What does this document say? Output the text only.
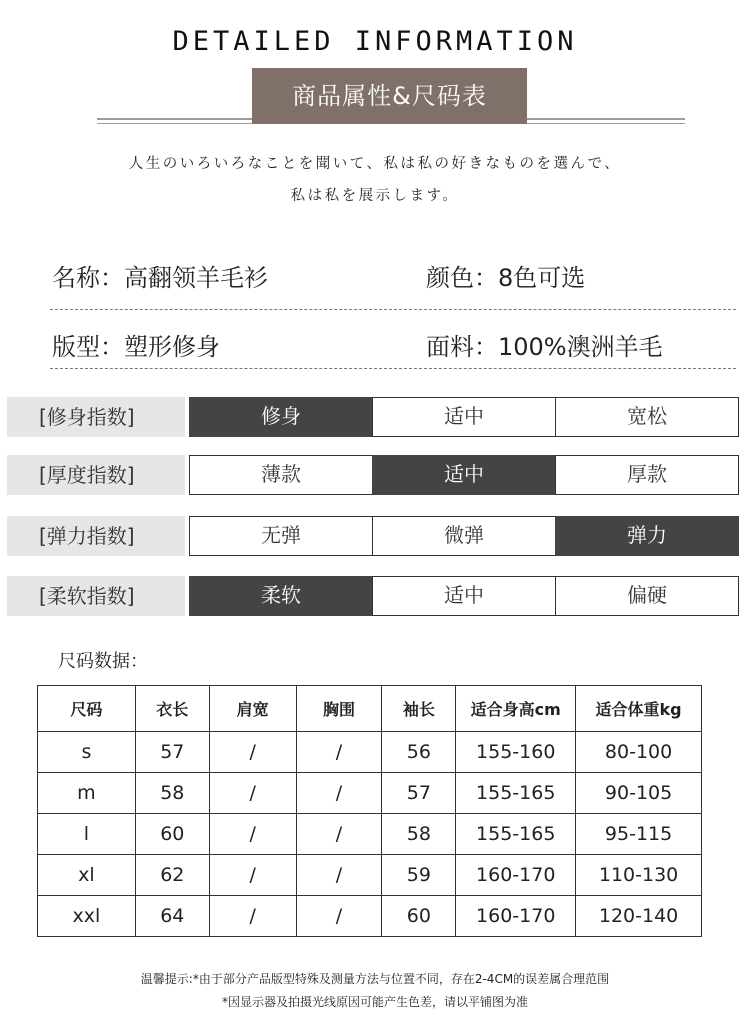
DETAILED INFORMATION
商品属性&尺码表
人生のいろいろなことを聞いて、私は私の好きなものを選んで、
私は私を展示します。
名称：高翻领羊毛衫	颜色：8色可选
版型：塑形修身	面料：100%澳洲羊毛
[修身指数]	修身	适中	宽松
[厚度指数]	薄款	适中	厚款
[弹力指数]	无弹	微弹	弹力
[柔软指数]	柔软	适中	偏硬
尺码数据：
尺码	衣长	肩宽	胸围	袖长	适合身高cm	适合体重kg
s	57	/	/	56	155-160	80-100
m	58	/	/	57	155-165	90-105
l	60	/	/	58	155-165	95-115
xl	62	/	/	59	160-170	110-130
xxl	64	/	/	60	160-170	120-140
温馨提示:*由于部分产品版型特殊及测量方法与位置不同，存在2-4CM的误差属合理范围
*因显示器及拍摄光线原因可能产生色差，请以平铺图为准
